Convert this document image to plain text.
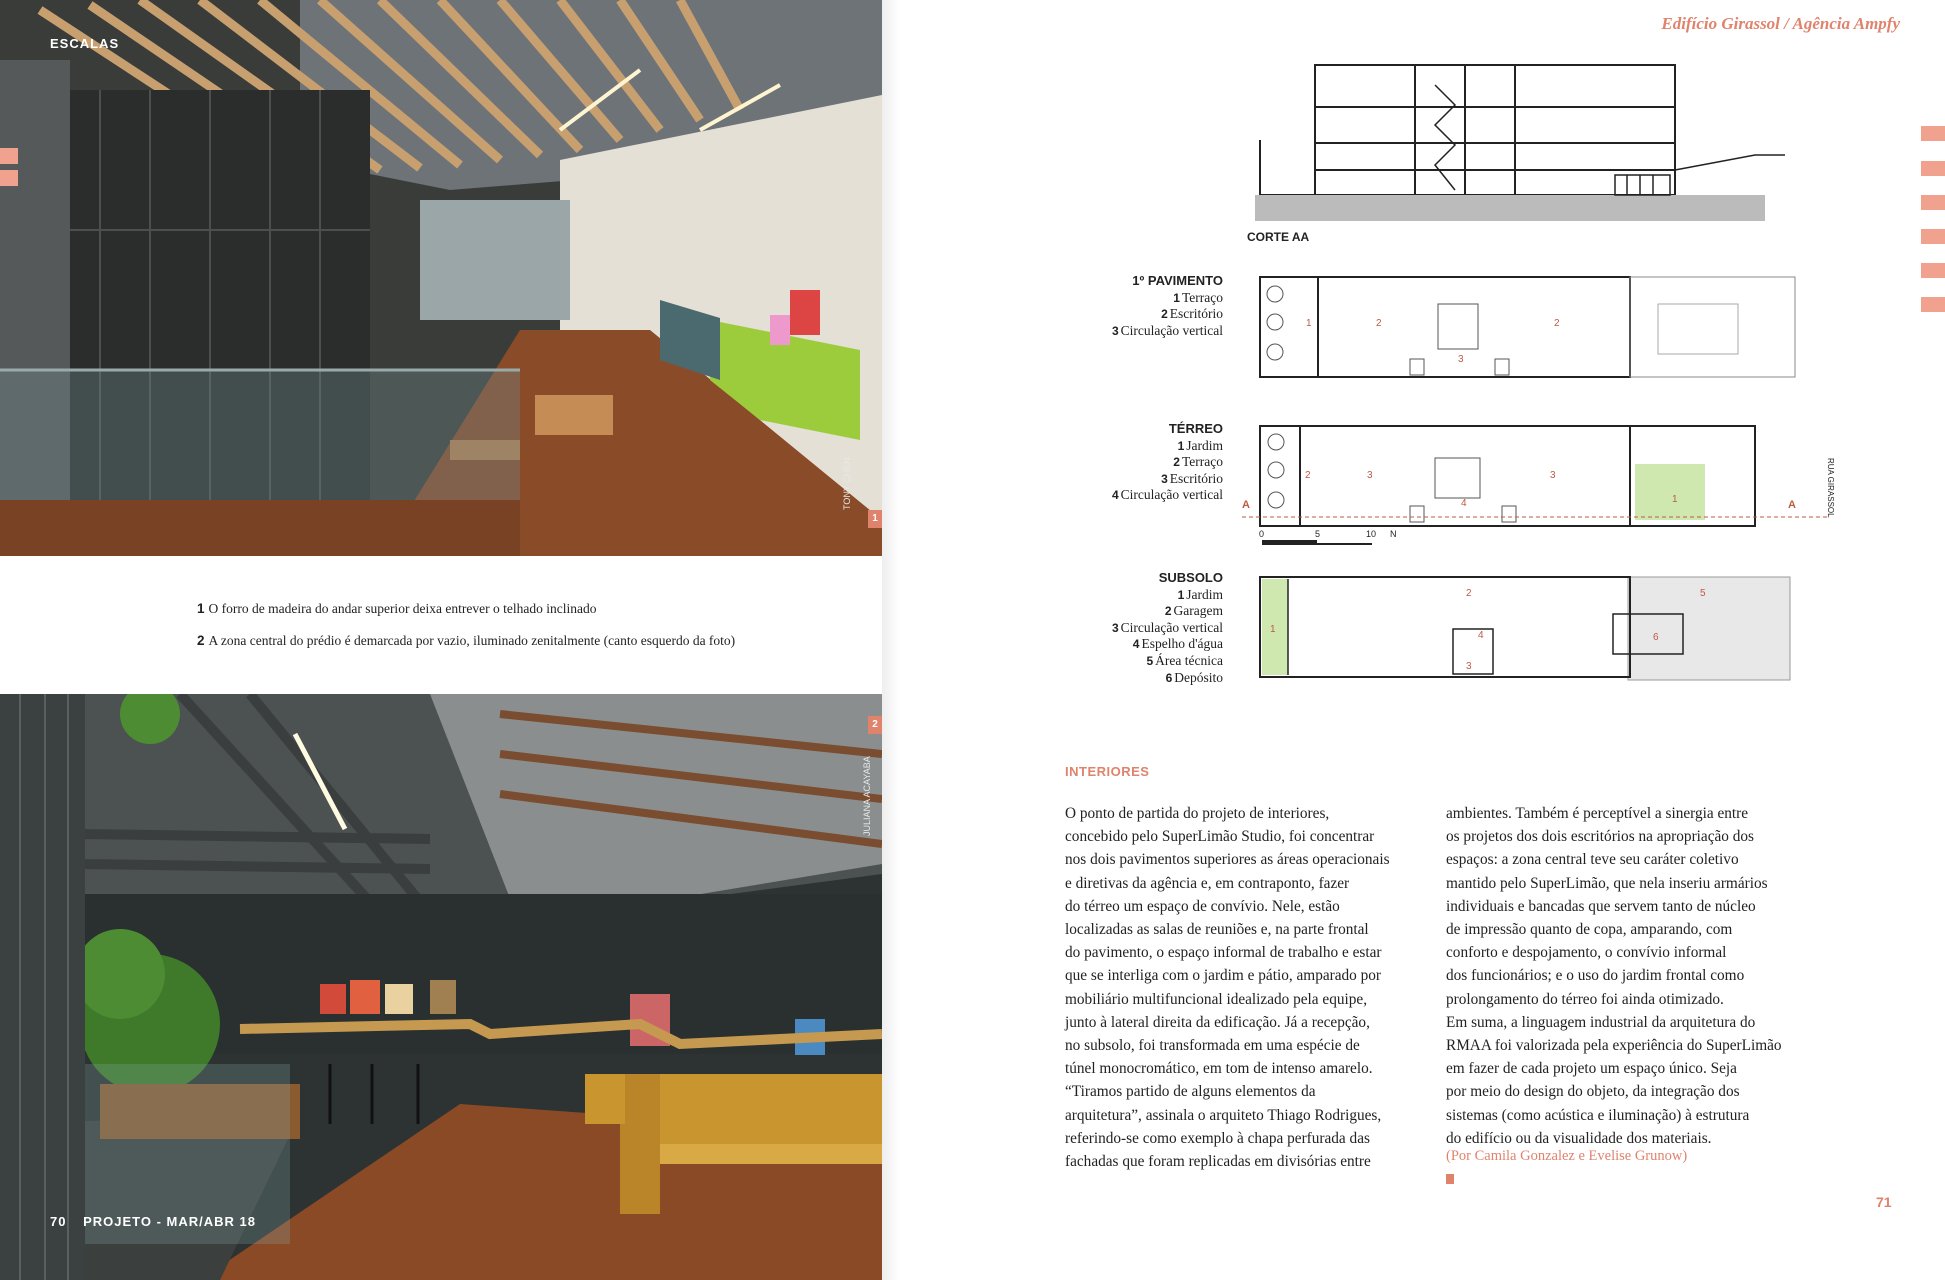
ESCALAS
TONY CHEN
1
1 O forro de madeira do andar superior deixa entrever o telhado inclinado
2 A zona central do prédio é demarcada por vazio, iluminado zenitalmente (canto esquerdo da foto)
2
JULIANA ACAYABA
70 PROJETO - MAR/ABR 18
Edifício Girassol / Agência Ampfy
CORTE AA
1º PAVIMENTO
1 Terraço
2 Escritório
3 Circulação vertical
TÉRREO
1 Jardim
2 Terraço
3 Escritório
4 Circulação vertical
SUBSOLO
1 Jardim
2 Garagem
3 Circulação vertical
4 Espelho d'água
5 Área técnica
6 Depósito
1	2	2
3
2	3	3
4	1
A	A
0	5	10 N
RUA GIRASSOL
1
2
3
4
5
6
INTERIORES
O ponto de partida do projeto de interiores,
concebido pelo SuperLimão Studio, foi concentrar
nos dois pavimentos superiores as áreas operacionais
e diretivas da agência e, em contraponto, fazer
do térreo um espaço de convívio. Nele, estão
localizadas as salas de reuniões e, na parte frontal
do pavimento, o espaço informal de trabalho e estar
que se interliga com o jardim e pátio, amparado por
mobiliário multifuncional idealizado pela equipe,
junto à lateral direita da edificação. Já a recepção,
no subsolo, foi transformada em uma espécie de
túnel monocromático, em tom de intenso amarelo.
“Tiramos partido de alguns elementos da
arquitetura”, assinala o arquiteto Thiago Rodrigues,
referindo-se como exemplo à chapa perfurada das
fachadas que foram replicadas em divisórias entre
ambientes. Também é perceptível a sinergia entre
os projetos dos dois escritórios na apropriação dos
espaços: a zona central teve seu caráter coletivo
mantido pelo SuperLimão, que nela inseriu armários
individuais e bancadas que servem tanto de núcleo
de impressão quanto de copa, amparando, com
conforto e despojamento, o convívio informal
dos funcionários; e o uso do jardim frontal como
prolongamento do térreo foi ainda otimizado.
Em suma, a linguagem industrial da arquitetura do
RMAA foi valorizada pela experiência do SuperLimão
em fazer de cada projeto um espaço único. Seja
por meio do design do objeto, da integração dos
sistemas (como acústica e iluminação) à estrutura
do edifício ou da visualidade dos materiais.
(Por Camila Gonzalez e Evelise Grunow)
71
